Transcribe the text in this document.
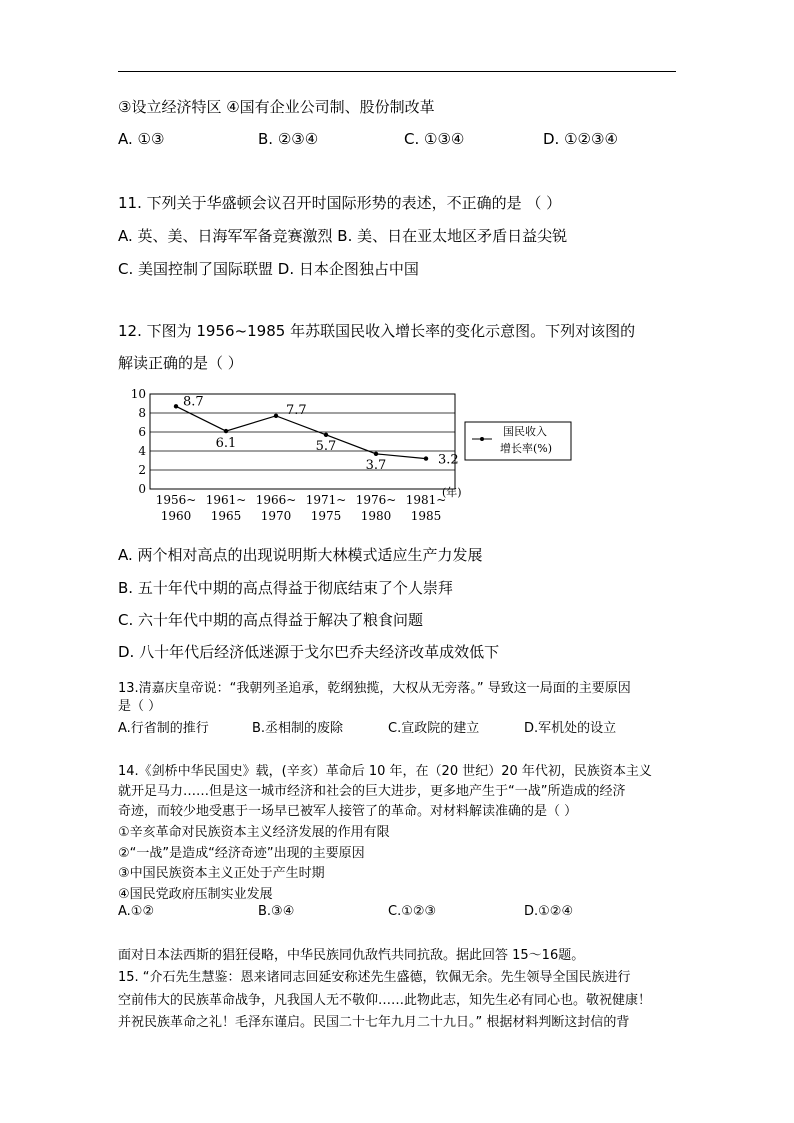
③设立经济特区 ④国有企业公司制、股份制改革
A. ①③	B. ②③④	C. ①③④	D. ①②③④
11. 下列关于华盛顿会议召开时国际形势的表述，不正确的是 （ ）
A. 英、美、日海军军备竞赛激烈 B. 美、日在亚太地区矛盾日益尖锐
C. 美国控制了国际联盟 D. 日本企图独占中国
12. 下图为 1956~1985 年苏联国民收入增长率的变化示意图。下列对该图的
解读正确的是（ ）
0
2
4
6
8
10
1956~
1960
1961~
1965
1966~
1970
1971~
1975
1976~
1980
1981~
1985
8.7
6.1
7.7
5.7
3.7	3.2
(年)
国民收入
增长率(%)
A. 两个相对高点的出现说明斯大林模式适应生产力发展
B. 五十年代中期的高点得益于彻底结束了个人崇拜
C. 六十年代中期的高点得益于解决了粮食问题
D. 八十年代后经济低迷源于戈尔巴乔夫经济改革成效低下
13.清嘉庆皇帝说：“我朝列圣追承，乾纲独揽，大权从无旁落。” 导致这一局面的主要原因
是（ ）
A.行省制的推行	B.丞相制的废除	C.宣政院的建立	D.军机处的设立
14.《剑桥中华民国史》载，(辛亥）革命后 10 年，在（20 世纪）20 年代初，民族资本主义
就开足马力……但是这一城市经济和社会的巨大进步，更多地产生于“一战”所造成的经济
奇迹，而较少地受惠于一场早已被军人接管了的革命。对材料解读准确的是（ ）
①辛亥革命对民族资本主义经济发展的作用有限
②“一战”是造成“经济奇迹”出现的主要原因
③中国民族资本主义正处于产生时期
④国民党政府压制实业发展
A.①②	B.③④	C.①②③	D.①②④
面对日本法西斯的猖狂侵略，中华民族同仇敌忾共同抗敌。据此回答 15～16题。
15. “介石先生慧鉴：恩来诸同志回延安称述先生盛德，钦佩无余。先生领导全国民族进行
空前伟大的民族革命战争，凡我国人无不敬仰……此物此志，知先生必有同心也。敬祝健康！
并祝民族革命之礼！毛泽东谨启。民国二十七年九月二十九日。” 根据材料判断这封信的背
